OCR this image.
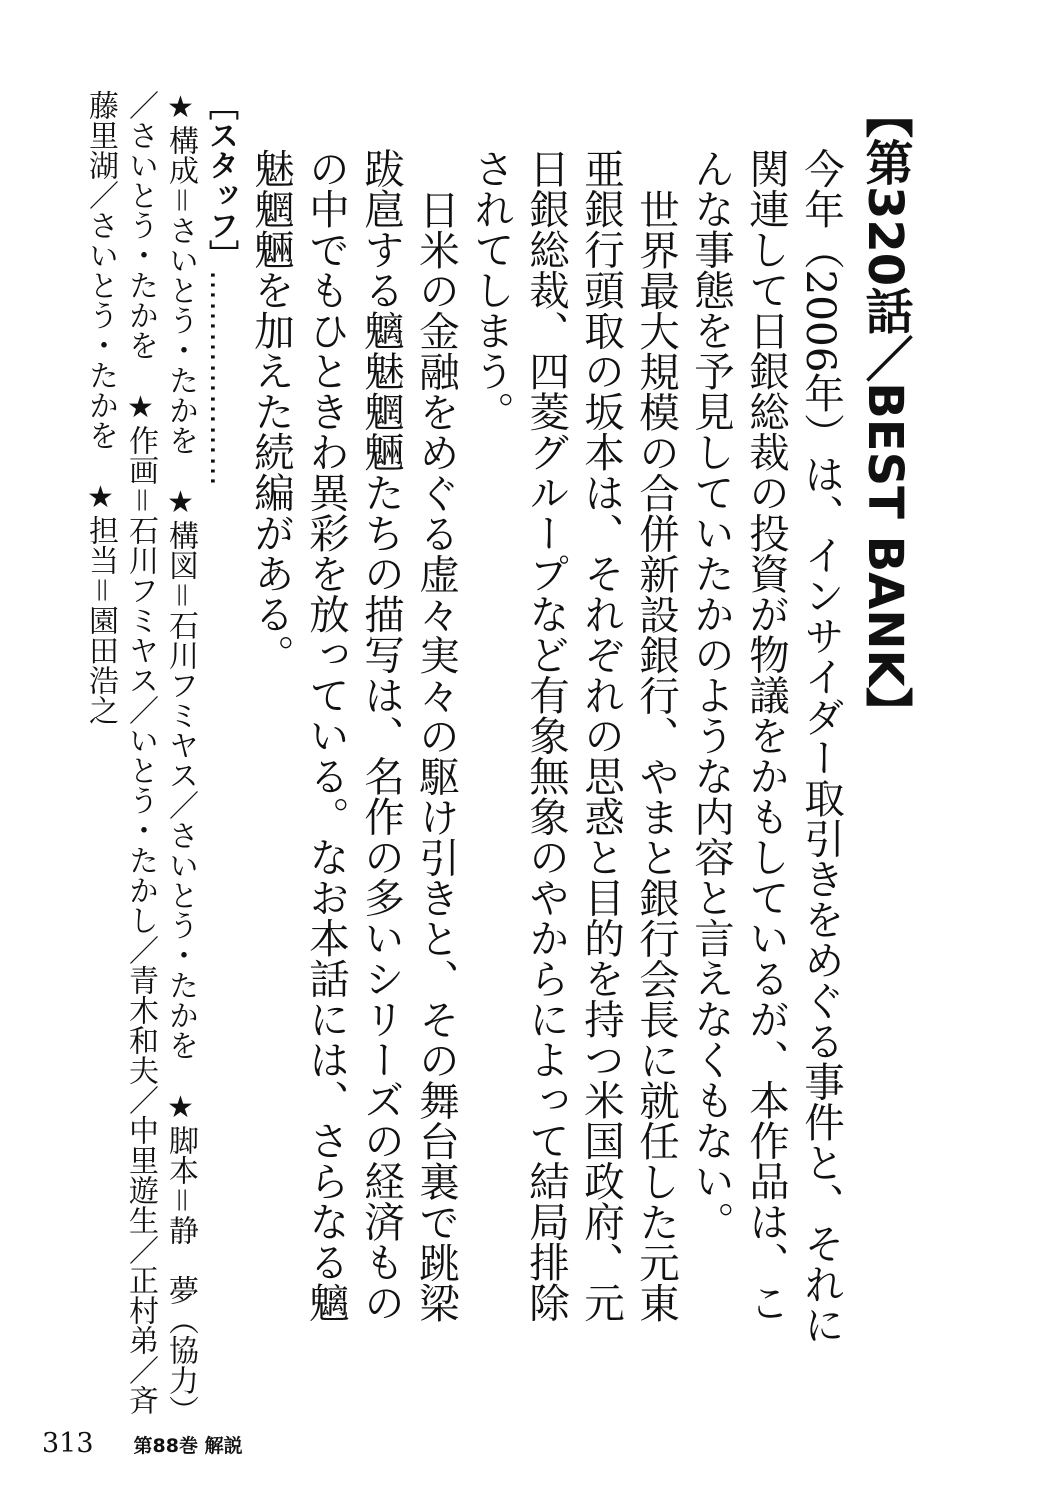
【第320話／BEST BANK】

今年（2006年）は、インサイダー取引きをめぐる事件と、それに関連して日銀総裁の投資が物議をかもしているが、本作品は、こんな事態を予見していたかのような内容と言えなくもない。

世界最大規模の合併新設銀行、やまと銀行会長に就任した元東亜銀行頭取の坂本は、それぞれの思惑と目的を持つ米国政府、元日銀総裁、四菱グループなど有象無象のやからによって結局排除されてしまう。

日米の金融をめぐる虚々実々の駆け引きと、その舞台裏で跳梁跋扈する魑魅魍魎たちの描写は、名作の多いシリーズの経済ものの中でもひときわ異彩を放っている。なお本話には、さらなる魑魅魍魎を加えた続編がある。

［スタッフ］…………………
★構成＝さいとう・たかを　★構図＝石川フミヤス／さいとう・たかを　★脚本＝静　夢（協力）／さいとう・たかを　★作画＝石川フミヤス／いとう・たかし／青木和夫／中里遊生／正村弟／斉藤里湖／さいとう・たかを　★担当＝園田浩之
313 第88巻 解説
